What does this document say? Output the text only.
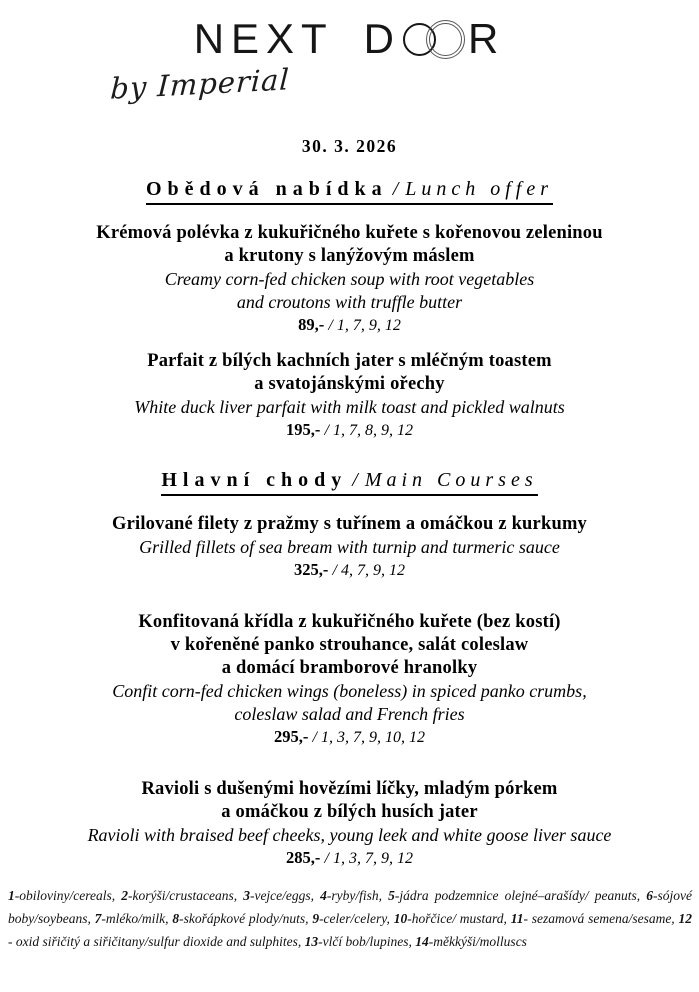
NEXT D R
by Imperial
30. 3. 2026
Obědová nabídka / Lunch offer
Krémová polévka z kukuřičného kuřete s kořenovou zeleninou
a krutony s lanýžovým máslem
Creamy corn-fed chicken soup with root vegetables
and croutons with truffle butter
89,- / 1, 7, 9, 12
Parfait z bílých kachních jater s mléčným toastem
a svatojánskými ořechy
White duck liver parfait with milk toast and pickled walnuts
195,- / 1, 7, 8, 9, 12
Hlavní chody / Main Courses
Grilované filety z pražmy s tuřínem a omáčkou z kurkumy
Grilled fillets of sea bream with turnip and turmeric sauce
325,- / 4, 7, 9, 12
Konfitovaná křídla z kukuřičného kuřete (bez kostí)
v kořeněné panko strouhance, salát coleslaw
a domácí bramborové hranolky
Confit corn-fed chicken wings (boneless) in spiced panko crumbs,
coleslaw salad and French fries
295,- / 1, 3, 7, 9, 10, 12
Ravioli s dušenými hovězími líčky, mladým pórkem
a omáčkou z bílých husích jater
Ravioli with braised beef cheeks, young leek and white goose liver sauce
285,- / 1, 3, 7, 9, 12

1-obiloviny/cereals, 2-korýši/crustaceans, 3-vejce/eggs, 4-ryby/fish, 5-jádra podzemnice olejné–arašídy/ peanuts, 6-sójové boby/soybeans, 7-mléko/milk, 8-skořápkové plody/nuts, 9-celer/celery, 10-hořčice/ mustard, 11- sezamová semena/sesame, 12 - oxid siřičitý a siřičitany/sulfur dioxide and sulphites, 13-vlčí bob/lupines, 14-měkkýši/molluscs
